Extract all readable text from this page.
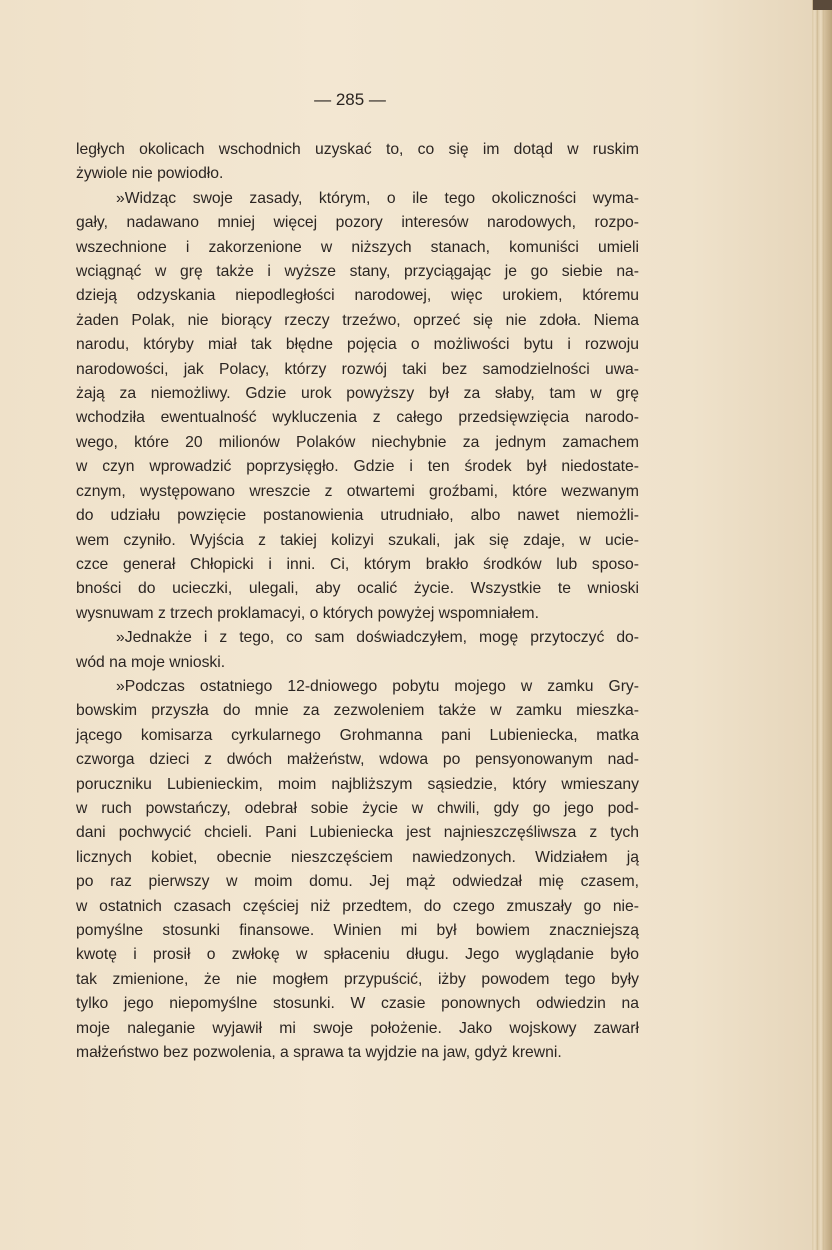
— 285 —
ległych okolicach wschodnich uzyskać to, co się im dotąd w ruskim
żywiole nie powiodło.
»Widząc swoje zasady, którym, o ile tego okoliczności wyma-
gały, nadawano mniej więcej pozory interesów narodowych, rozpo-
wszechnione i zakorzenione w niższych stanach, komuniści umieli
wciągnąć w grę także i wyższe stany, przyciągając je go siebie na-
dzieją odzyskania niepodległości narodowej, więc urokiem, któremu
żaden Polak, nie biorący rzeczy trzeźwo, oprzeć się nie zdoła. Niema
narodu, któryby miał tak błędne pojęcia o możliwości bytu i rozwoju
narodowości, jak Polacy, którzy rozwój taki bez samodzielności uwa-
żają za niemożliwy. Gdzie urok powyższy był za słaby, tam w grę
wchodziła ewentualność wykluczenia z całego przedsięwzięcia narodo-
wego, które 20 milionów Polaków niechybnie za jednym zamachem
w czyn wprowadzić poprzysięgło. Gdzie i ten środek był niedostate-
cznym, występowano wreszcie z otwartemi groźbami, które wezwanym
do udziału powzięcie postanowienia utrudniało, albo nawet niemożli-
wem czyniło. Wyjścia z takiej kolizyi szukali, jak się zdaje, w ucie-
czce generał Chłopicki i inni. Ci, którym brakło środków lub sposo-
bności do ucieczki, ulegali, aby ocalić życie. Wszystkie te wnioski
wysnuwam z trzech proklamacyi, o których powyżej wspomniałem.
»Jednakże i z tego, co sam doświadczyłem, mogę przytoczyć do-
wód na moje wnioski.
»Podczas ostatniego 12-dniowego pobytu mojego w zamku Gry-
bowskim przyszła do mnie za zezwoleniem także w zamku mieszka-
jącego komisarza cyrkularnego Grohmanna pani Lubieniecka, matka
czworga dzieci z dwóch małżeństw, wdowa po pensyonowanym nad-
poruczniku Lubienieckim, moim najbliższym sąsiedzie, który wmieszany
w ruch powstańczy, odebrał sobie życie w chwili, gdy go jego pod-
dani pochwycić chcieli. Pani Lubieniecka jest najnieszczęśliwsza z tych
licznych kobiet, obecnie nieszczęściem nawiedzonych. Widziałem ją
po raz pierwszy w moim domu. Jej mąż odwiedzał mię czasem,
w ostatnich czasach częściej niż przedtem, do czego zmuszały go nie-
pomyślne stosunki finansowe. Winien mi był bowiem znaczniejszą
kwotę i prosił o zwłokę w spłaceniu długu. Jego wyglądanie było
tak zmienione, że nie mogłem przypuścić, iżby powodem tego były
tylko jego niepomyślne stosunki. W czasie ponownych odwiedzin na
moje naleganie wyjawił mi swoje położenie. Jako wojskowy zawarł
małżeństwo bez pozwolenia, a sprawa ta wyjdzie na jaw, gdyż krewni.
